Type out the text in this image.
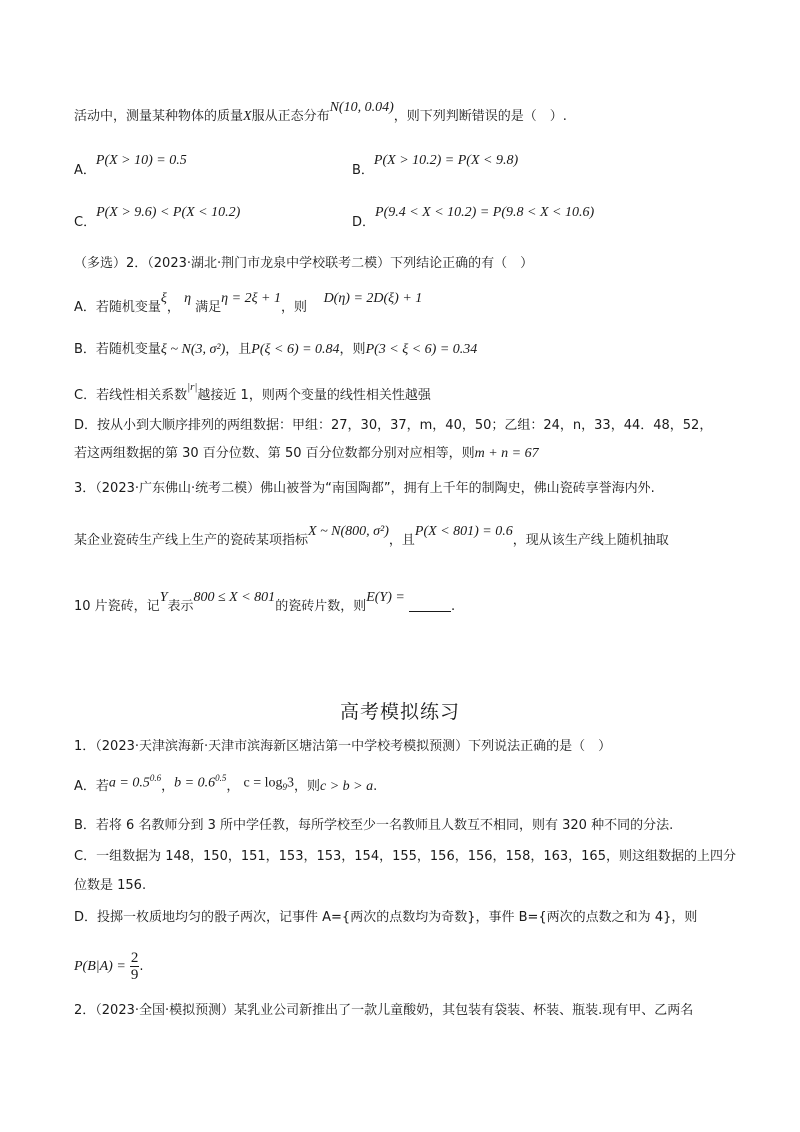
活动中，测量某种物体的质量X服从正态分布N(10, 0.04)，则下列判断错误的是（　）.
A．P(X > 10) = 0.5
B．P(X > 10.2) = P(X < 9.8)
C．P(X > 9.6) < P(X < 10.2)
D．P(9.4 < X < 10.2) = P(9.8 < X < 10.6)
（多选）2．（2023·湖北·荆门市龙泉中学校联考二模）下列结论正确的有（　）
A．若随机变量ξ， η 满足η = 2ξ + 1，则    D(η) = 2D(ξ) + 1
B．若随机变量ξ ~ N(3, σ²)，且P(ξ < 6) = 0.84，则P(3 < ξ < 6) = 0.34
C．若线性相关系数$^{|r|}$越接近 1，则两个变量的线性相关性越强
D．按从小到大顺序排列的两组数据：甲组：27，30，37，m，40，50；乙组：24，n，33，44．48，52，
若这两组数据的第 30 百分位数、第 50 百分位数都分别对应相等，则m + n = 67
3．（2023·广东佛山·统考二模）佛山被誉为“南国陶都”，拥有上千年的制陶史，佛山瓷砖享誉海内外.
某企业瓷砖生产线上生产的瓷砖某项指标X ~ N(800, σ²)，且P(X < 801) = 0.6，现从该生产线上随机抽取
10 片瓷砖，记Y表示800 ≤ X < 801的瓷砖片数，则E(Y) = .
高考模拟练习
1．（2023·天津滨海新·天津市滨海新区塘沽第一中学校考模拟预测）下列说法正确的是（　）
A．若$a = 0.5^{0.6}$，$b = 0.6^{0.5}$， $c = \log_93$，则c > b > a.
B．若将 6 名教师分到 3 所中学任教，每所学校至少一名教师且人数互不相同，则有 320 种不同的分法.
C．一组数据为 148，150，151，153，153，154，155，156，156，158，163，165，则这组数据的上四分
位数是 156.
D．投掷一枚质地均匀的骰子两次，记事件 A={两次的点数均为奇数}，事件 B={两次的点数之和为 4}，则
$P(B|A) = \frac{2}{9}$ .
2．（2023·全国·模拟预测）某乳业公司新推出了一款儿童酸奶，其包装有袋装、杯装、瓶装.现有甲、乙两名
